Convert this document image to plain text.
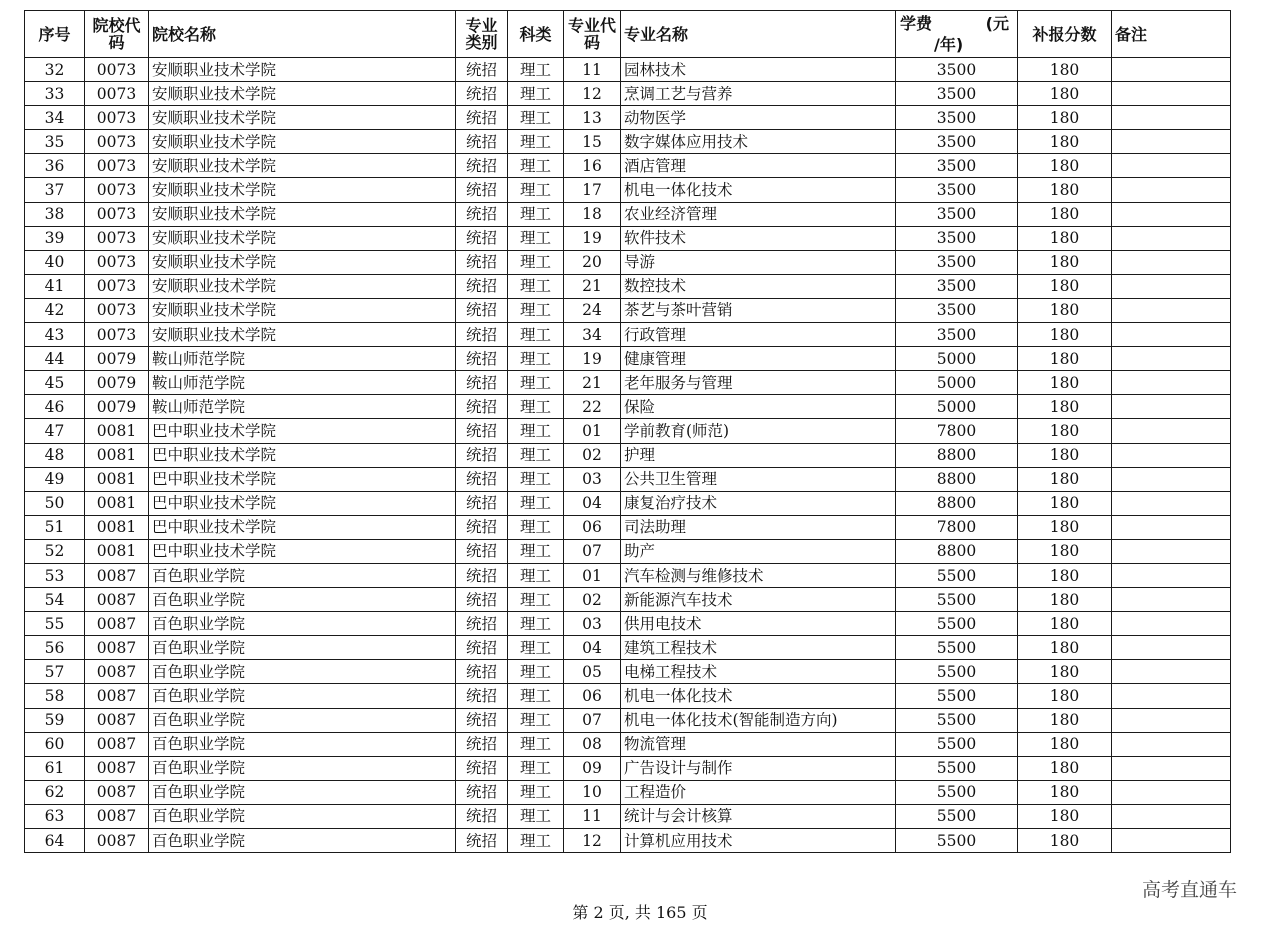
序号	院校代码	院校名称	专业类别	科类	专业代码	专业名称	学费 (元
/年)	补报分数	备注
32	0073	安顺职业技术学院	统招	理工	11	园林技术	3500	180	
33	0073	安顺职业技术学院	统招	理工	12	烹调工艺与营养	3500	180	
34	0073	安顺职业技术学院	统招	理工	13	动物医学	3500	180	
35	0073	安顺职业技术学院	统招	理工	15	数字媒体应用技术	3500	180	
36	0073	安顺职业技术学院	统招	理工	16	酒店管理	3500	180	
37	0073	安顺职业技术学院	统招	理工	17	机电一体化技术	3500	180	
38	0073	安顺职业技术学院	统招	理工	18	农业经济管理	3500	180	
39	0073	安顺职业技术学院	统招	理工	19	软件技术	3500	180	
40	0073	安顺职业技术学院	统招	理工	20	导游	3500	180	
41	0073	安顺职业技术学院	统招	理工	21	数控技术	3500	180	
42	0073	安顺职业技术学院	统招	理工	24	茶艺与茶叶营销	3500	180	
43	0073	安顺职业技术学院	统招	理工	34	行政管理	3500	180	
44	0079	鞍山师范学院	统招	理工	19	健康管理	5000	180	
45	0079	鞍山师范学院	统招	理工	21	老年服务与管理	5000	180	
46	0079	鞍山师范学院	统招	理工	22	保险	5000	180	
47	0081	巴中职业技术学院	统招	理工	01	学前教育(师范)	7800	180	
48	0081	巴中职业技术学院	统招	理工	02	护理	8800	180	
49	0081	巴中职业技术学院	统招	理工	03	公共卫生管理	8800	180	
50	0081	巴中职业技术学院	统招	理工	04	康复治疗技术	8800	180	
51	0081	巴中职业技术学院	统招	理工	06	司法助理	7800	180	
52	0081	巴中职业技术学院	统招	理工	07	助产	8800	180	
53	0087	百色职业学院	统招	理工	01	汽车检测与维修技术	5500	180	
54	0087	百色职业学院	统招	理工	02	新能源汽车技术	5500	180	
55	0087	百色职业学院	统招	理工	03	供用电技术	5500	180	
56	0087	百色职业学院	统招	理工	04	建筑工程技术	5500	180	
57	0087	百色职业学院	统招	理工	05	电梯工程技术	5500	180	
58	0087	百色职业学院	统招	理工	06	机电一体化技术	5500	180	
59	0087	百色职业学院	统招	理工	07	机电一体化技术(智能制造方向)	5500	180	
60	0087	百色职业学院	统招	理工	08	物流管理	5500	180	
61	0087	百色职业学院	统招	理工	09	广告设计与制作	5500	180	
62	0087	百色职业学院	统招	理工	10	工程造价	5500	180	
63	0087	百色职业学院	统招	理工	11	统计与会计核算	5500	180	
64	0087	百色职业学院	统招	理工	12	计算机应用技术	5500	180	
第 2 页, 共 165 页
高考直通车
